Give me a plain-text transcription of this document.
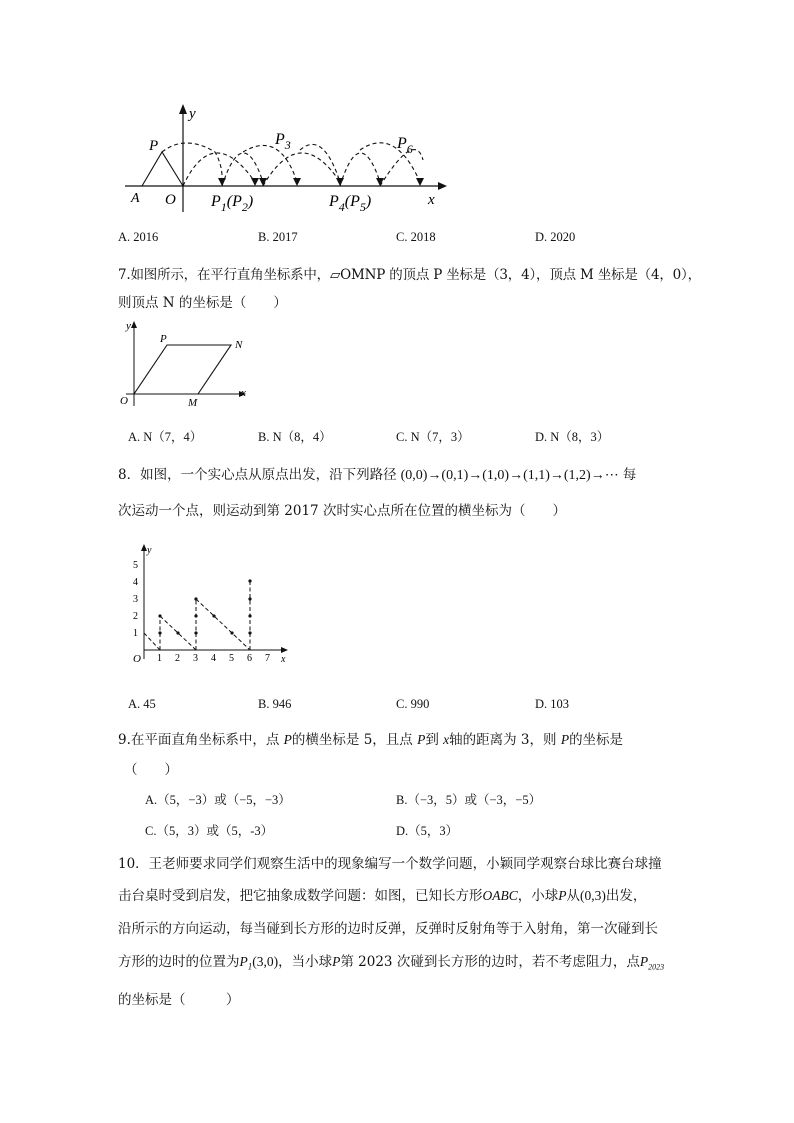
y
x
P
A O
$P_3$	$P_6$
$P_1(P_2)$	$P_4(P_5)$
A. 2016	B. 2017	C. 2018	D. 2020
7.如图所示，在平行直角坐标系中，▱OMNP 的顶点 P 坐标是（3，4），顶点 M 坐标是（4，0），
则顶点 N 的坐标是（　　）
y
x
O
P	N
M
A. N（7，4）	B. N（8，4）	C. N（7，3）	D. N（8，3）
8．如图，一个实心点从原点出发，沿下列路径 (0,0)→(0,1)→(1,0)→(1,1)→(1,2)→⋯ 每
次运动一个点，则运动到第 2017 次时实心点所在位置的横坐标为（　　）
1 2 3 4 5 6 7
1
2
3
4
5
y
x
O
A. 45	B. 946	C. 990	D. 103
9.在平面直角坐标系中，点 P的横坐标是 5，且点 P到 x轴的距离为 3，则 P的坐标是
（　　）
A.（5，−3）或（−5，−3）	B.（−3，5）或（−3，−5）
C.（5，3）或（5，-3）	D.（5，3）
10．王老师要求同学们观察生活中的现象编写一个数学问题，小颖同学观察台球比赛台球撞
击台桌时受到启发，把它抽象成数学问题：如图，已知长方形OABC，小球P从(0,3)出发，
沿所示的方向运动，每当碰到长方形的边时反弹，反弹时反射角等于入射角，第一次碰到长
方形的边时的位置为$P_1(3,0)$，当小球P第 2023 次碰到长方形的边时，若不考虑阻力，点$P_{2023}$
的坐标是（　　　）
